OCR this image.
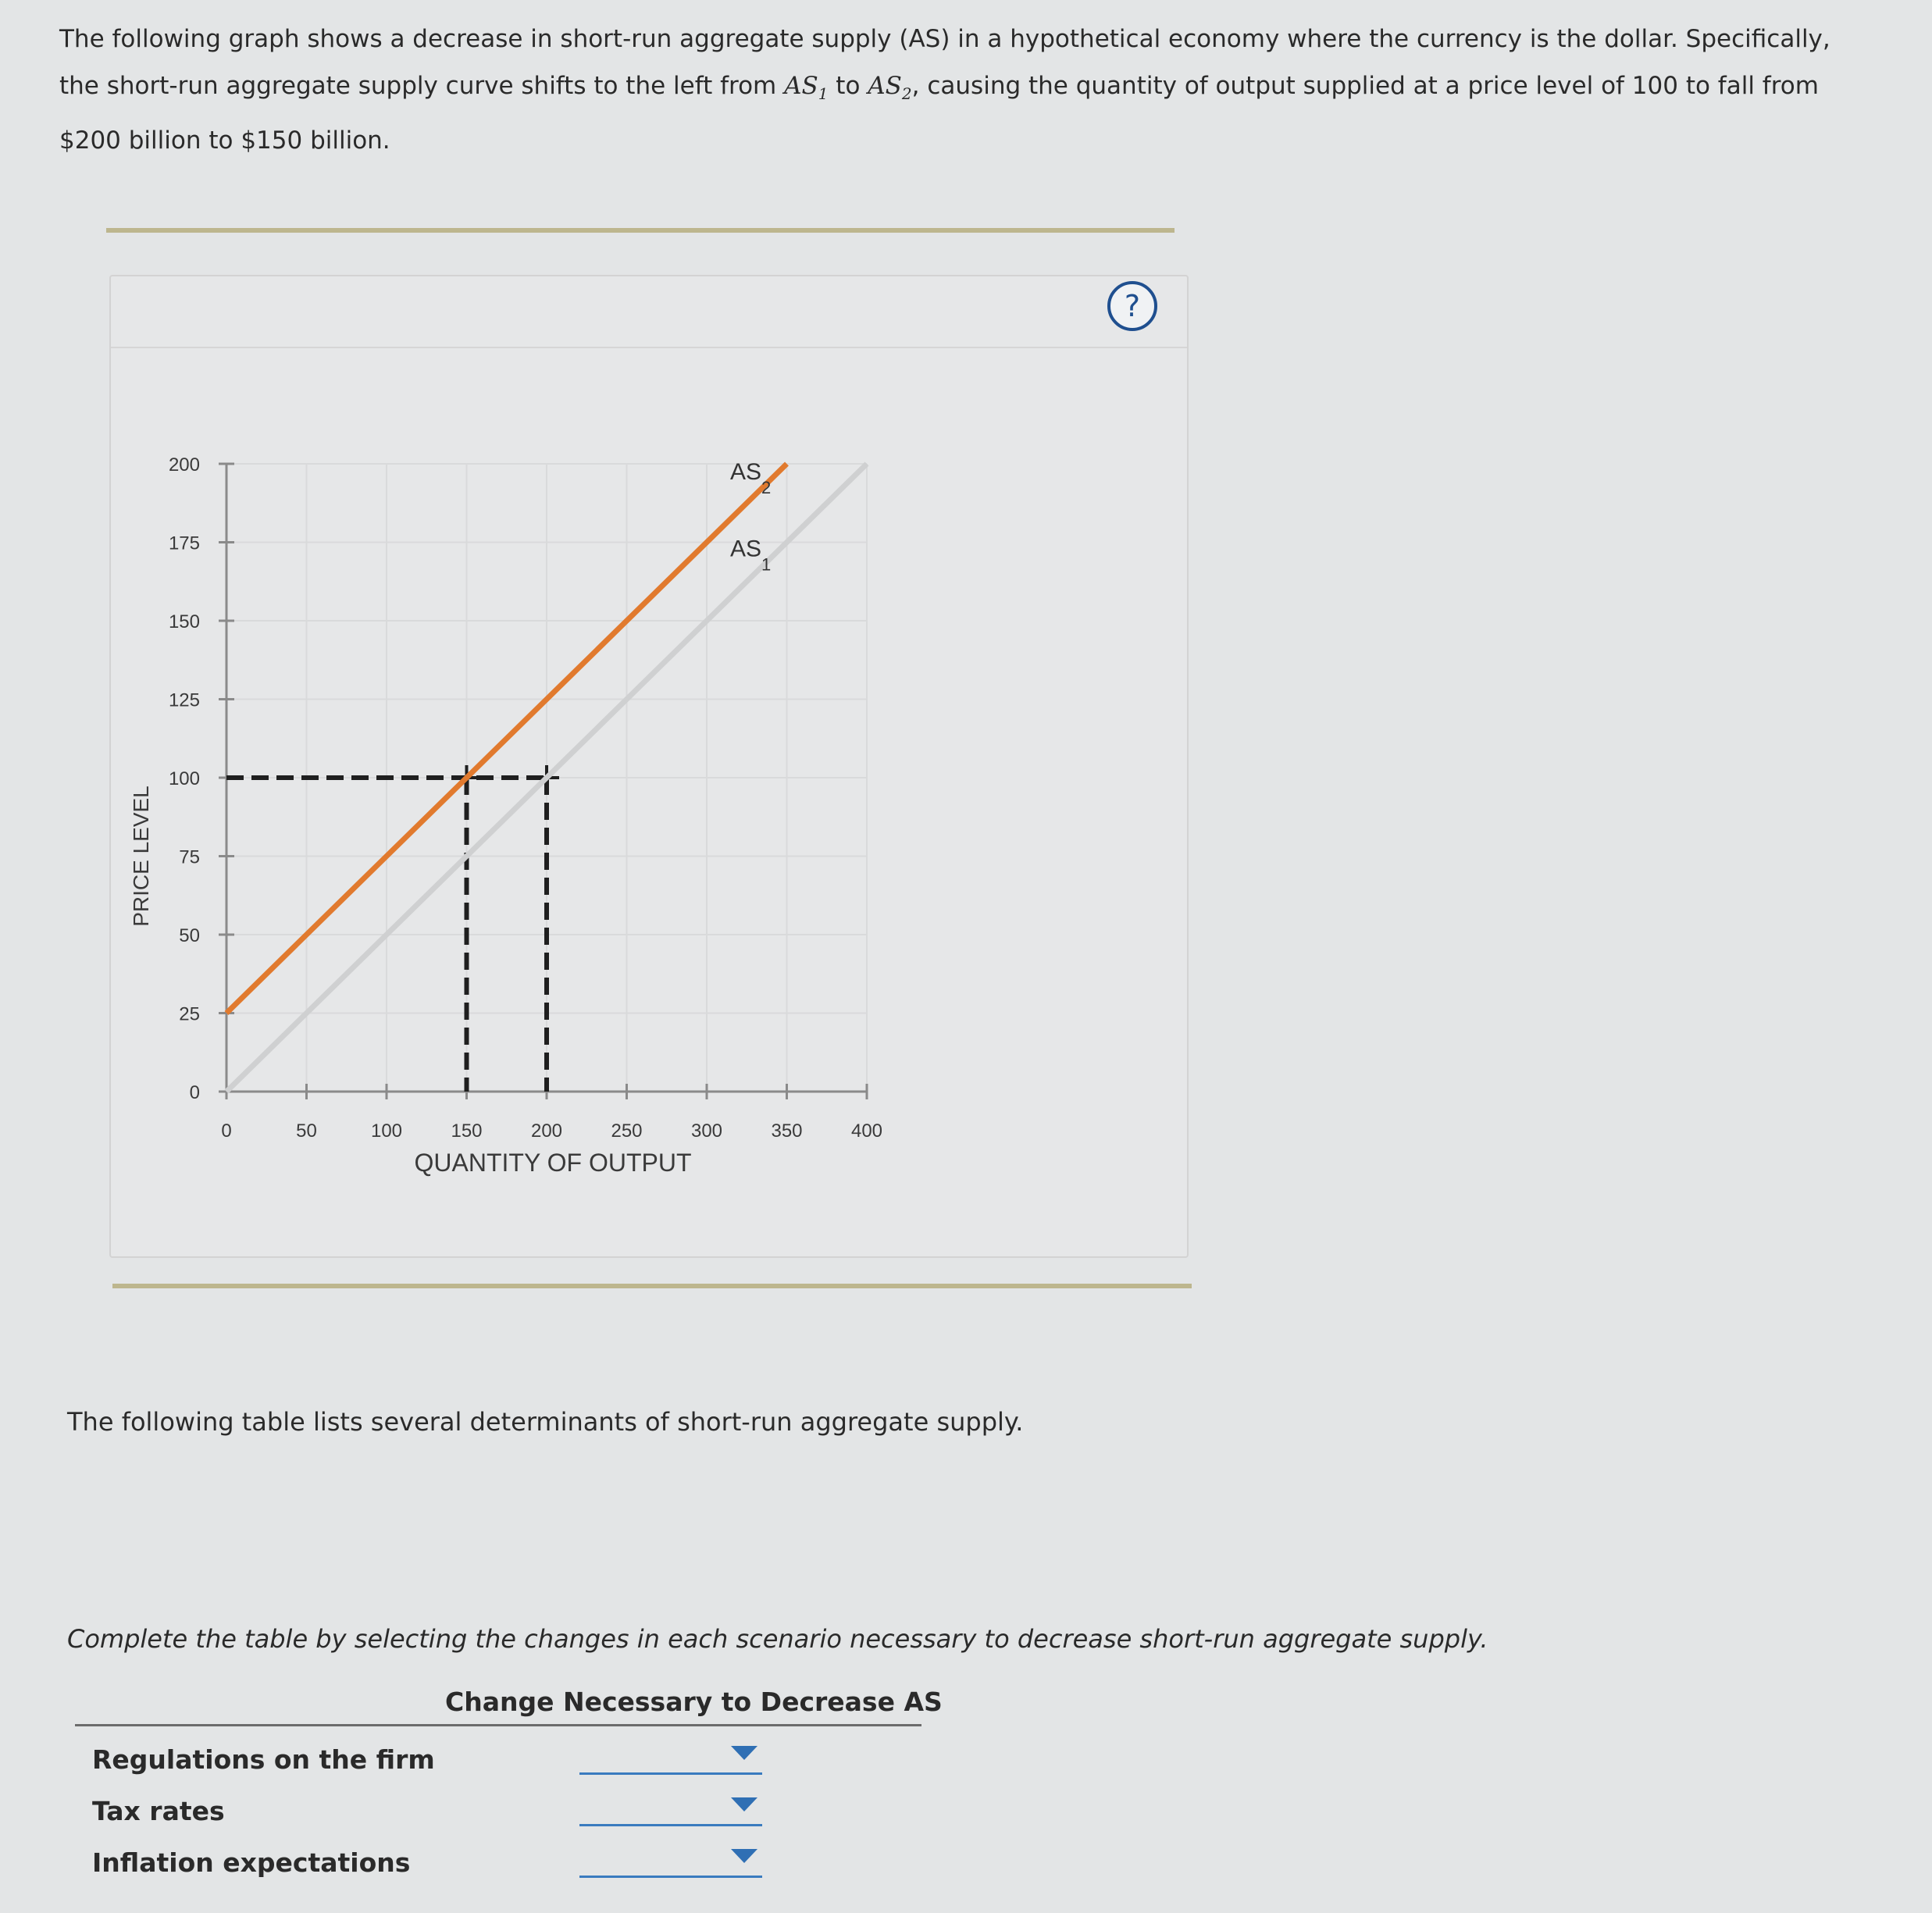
The following graph shows a decrease in short-run aggregate supply (AS) in a hypothetical economy where the currency is the dollar. Specifically, the short-run aggregate supply curve shifts to the left from $AS_1$ to $AS_2$, causing the quantity of output supplied at a price level of 100 to fall from $200 billion to $150 billion.
?
0
25
50
75
100
125
150
175
200
0	50	100	150	200	250	300	350	400
QUANTITY OF OUTPUT
PRICE LEVEL
$AS_1$
$AS_2$
The following table lists several determinants of short-run aggregate supply.
Complete the table by selecting the changes in each scenario necessary to decrease short-run aggregate supply.
Change Necessary to Decrease AS
Regulations on the firm
Tax rates
Inflation expectations
